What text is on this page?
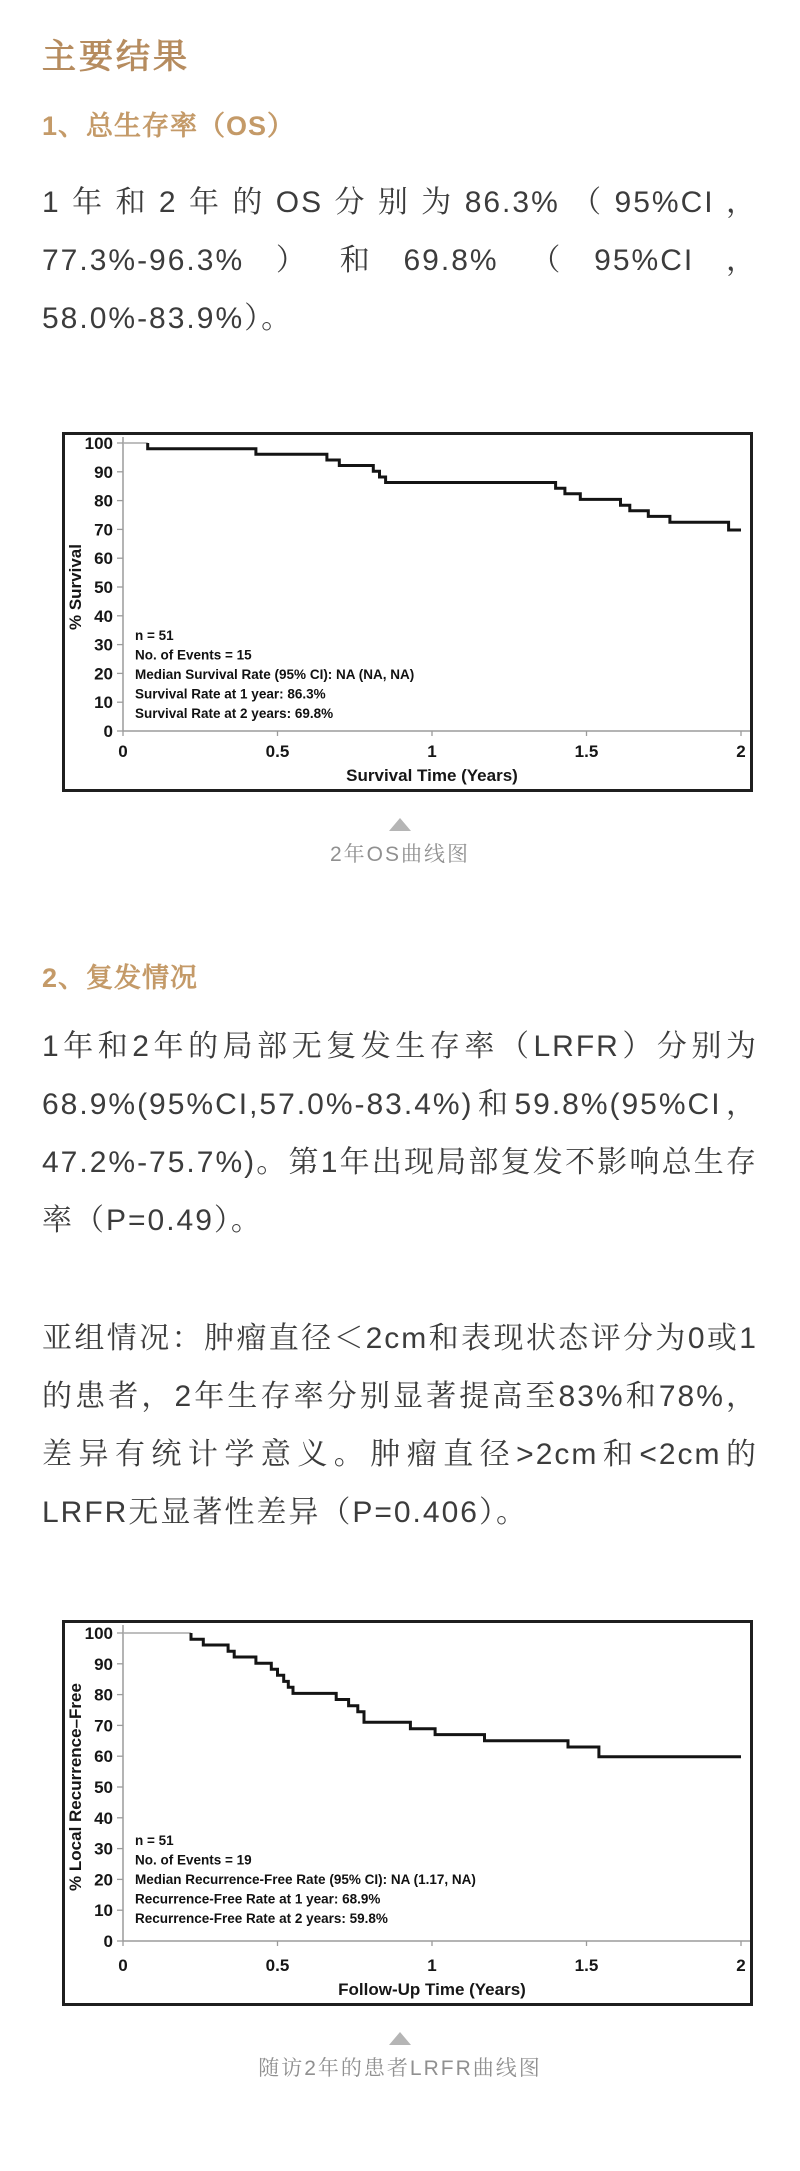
主要结果
1、总生存率（OS）

1年和2年的OS分别为86.3%（95%CI，77.3%-96.3%）和69.8%（95%CI，58.0%-83.9%）。

0
10
20
30
40
50
60
70
80
90
100
0	0.5	1	1.5	2
Survival Time (Years)
% Survival
n = 51
No. of Events = 15
Median Survival Rate (95% CI): NA (NA, NA)
Survival Rate at 1 year: 86.3%
Survival Rate at 2 years: 69.8%
2年OS曲线图
2、复发情况

1年和2年的局部无复发生存率（LRFR）分别为68.9%(95%CI,57.0%-83.4%)和59.8%(95%CI， 47.2%-75.7%)。第1年出现局部复发不影响总生存率（P=0.49）。

亚组情况：肿瘤直径＜2cm和表现状态评分为0或1的患者，2年生存率分别显著提高至83%和78%，差异有统计学意义。肿瘤直径>2cm和<2cm的LRFR无显著性差异（P=0.406）。

0
10
20
30
40
50
60
70
80
90
100
0	0.5	1	1.5	2
Follow-Up Time (Years)
% Local Recurrence–Free	n = 51
No. of Events = 19
Median Recurrence-Free Rate (95% CI): NA (1.17, NA)
Recurrence-Free Rate at 1 year: 68.9%
Recurrence-Free Rate at 2 years: 59.8%
随访2年的患者LRFR曲线图
